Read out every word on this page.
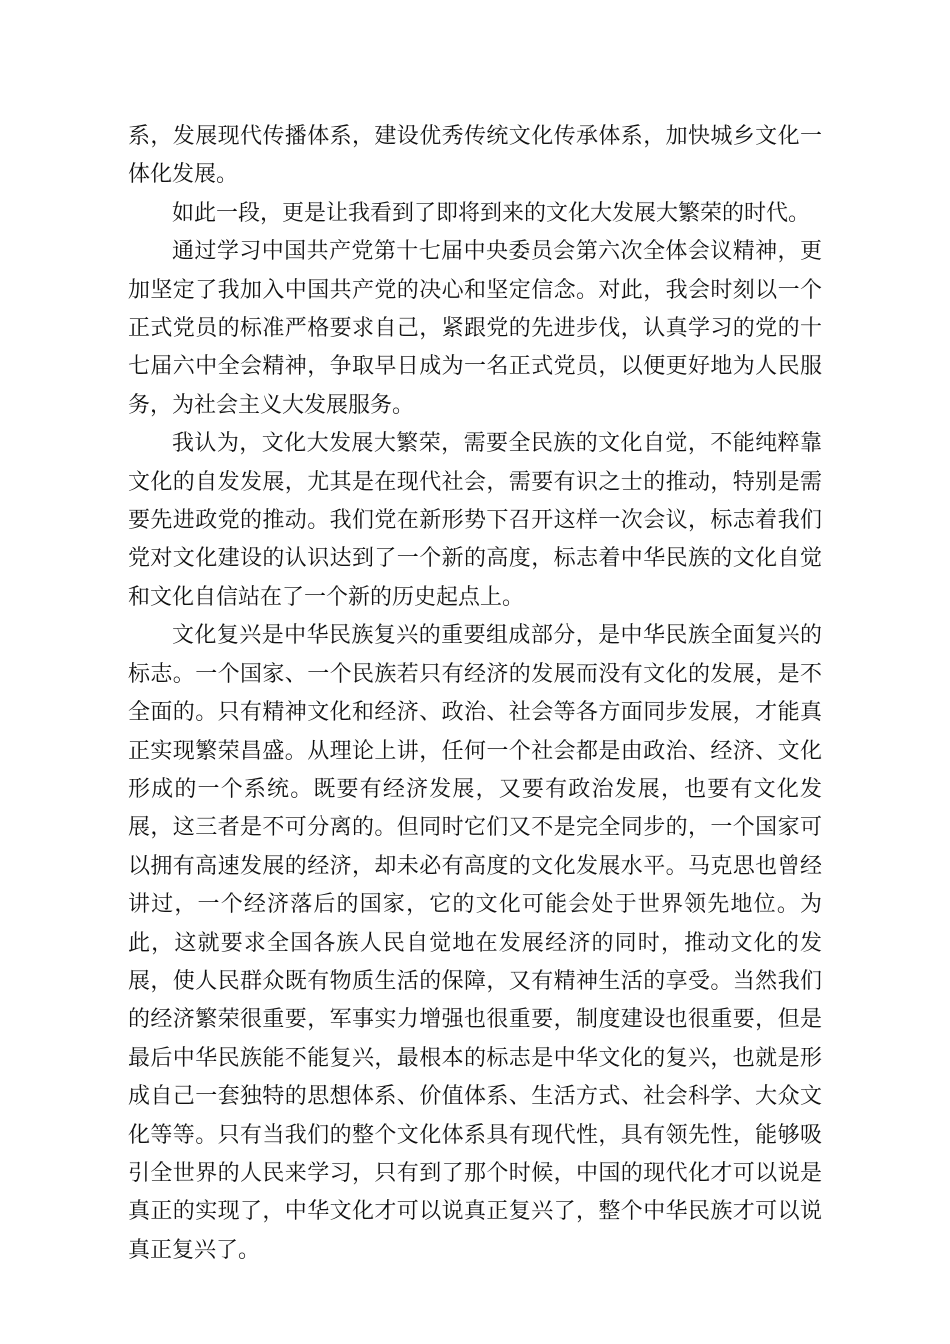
系，发展现代传播体系，建设优秀传统文化传承体系，加快城乡文化一体化发展。

如此一段，更是让我看到了即将到来的文化大发展大繁荣的时代。

通过学习中国共产党第十七届中央委员会第六次全体会议精神，更加坚定了我加入中国共产党的决心和坚定信念。对此，我会时刻以一个正式党员的标准严格要求自己，紧跟党的先进步伐，认真学习的党的十七届六中全会精神，争取早日成为一名正式党员，以便更好地为人民服务，为社会主义大发展服务。

我认为，文化大发展大繁荣，需要全民族的文化自觉，不能纯粹靠文化的自发发展，尤其是在现代社会，需要有识之士的推动，特别是需要先进政党的推动。我们党在新形势下召开这样一次会议，标志着我们党对文化建设的认识达到了一个新的高度，标志着中华民族的文化自觉和文化自信站在了一个新的历史起点上。

文化复兴是中华民族复兴的重要组成部分，是中华民族全面复兴的标志。一个国家、一个民族若只有经济的发展而没有文化的发展，是不全面的。只有精神文化和经济、政治、社会等各方面同步发展，才能真正实现繁荣昌盛。从理论上讲，任何一个社会都是由政治、经济、文化形成的一个系统。既要有经济发展，又要有政治发展，也要有文化发展，这三者是不可分离的。但同时它们又不是完全同步的，一个国家可以拥有高速发展的经济，却未必有高度的文化发展水平。马克思也曾经讲过，一个经济落后的国家，它的文化可能会处于世界领先地位。为此，这就要求全国各族人民自觉地在发展经济的同时，推动文化的发展，使人民群众既有物质生活的保障，又有精神生活的享受。当然我们的经济繁荣很重要，军事实力增强也很重要，制度建设也很重要，但是最后中华民族能不能复兴，最根本的标志是中华文化的复兴，也就是形成自己一套独特的思想体系、价值体系、生活方式、社会科学、大众文化等等。只有当我们的整个文化体系具有现代性，具有领先性，能够吸引全世界的人民来学习，只有到了那个时候，中国的现代化才可以说是真正的实现了，中华文化才可以说真正复兴了，整个中华民族才可以说真正复兴了。
